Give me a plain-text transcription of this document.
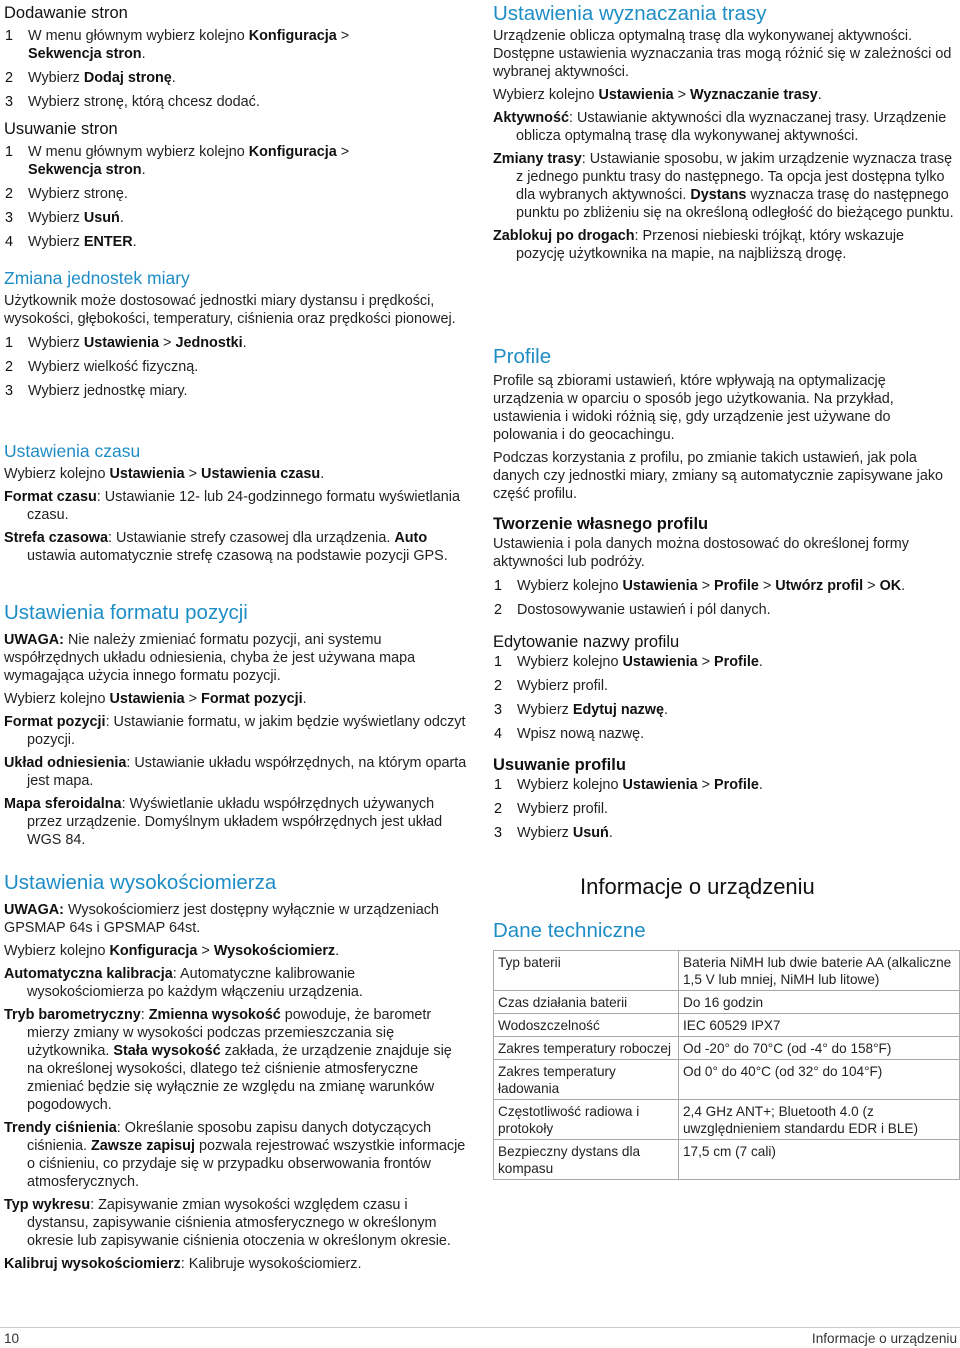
Dodawanie stron

1 W menu głównym wybierz kolejno Konfiguracja >
Sekwencja stron.
2 Wybierz Dodaj stronę.
3 Wybierz stronę, którą chcesz dodać.

Usuwanie stron

1 W menu głównym wybierz kolejno Konfiguracja >
Sekwencja stron.
2 Wybierz stronę.
3 Wybierz Usuń.
4 Wybierz ENTER.

Zmiana jednostek miary

Użytkownik może dostosować jednostki miary dystansu i prędkości, wysokości, głębokości, temperatury, ciśnienia oraz prędkości pionowej.

1 Wybierz Ustawienia > Jednostki.
2 Wybierz wielkość fizyczną.
3 Wybierz jednostkę miary.

Ustawienia czasu

Wybierz kolejno Ustawienia > Ustawienia czasu.

Format czasu: Ustawianie 12- lub 24-godzinnego formatu wyświetlania czasu.

Strefa czasowa: Ustawianie strefy czasowej dla urządzenia. Auto ustawia automatycznie strefę czasową na podstawie pozycji GPS.

Ustawienia formatu pozycji

UWAGA: Nie należy zmieniać formatu pozycji, ani systemu współrzędnych układu odniesienia, chyba że jest używana mapa wymagająca użycia innego formatu pozycji.

Wybierz kolejno Ustawienia > Format pozycji.

Format pozycji: Ustawianie formatu, w jakim będzie wyświetlany odczyt pozycji.

Układ odniesienia: Ustawianie układu współrzędnych, na którym oparta jest mapa.

Mapa sferoidalna: Wyświetlanie układu współrzędnych używanych przez urządzenie. Domyślnym układem współrzędnych jest układ WGS 84.

Ustawienia wysokościomierza

UWAGA: Wysokościomierz jest dostępny wyłącznie w urządzeniach GPSMAP 64s i GPSMAP 64st.

Wybierz kolejno Konfiguracja > Wysokościomierz.

Automatyczna kalibracja: Automatyczne kalibrowanie wysokościomierza po każdym włączeniu urządzenia.

Tryb barometryczny: Zmienna wysokość powoduje, że barometr mierzy zmiany w wysokości podczas przemieszczania się użytkownika. Stała wysokość zakłada, że urządzenie znajduje się na określonej wysokości, dlatego też ciśnienie atmosferyczne zmieniać będzie się wyłącznie ze względu na zmianę warunków pogodowych.

Trendy ciśnienia: Określanie sposobu zapisu danych dotyczących ciśnienia. Zawsze zapisuj pozwala rejestrować wszystkie informacje o ciśnieniu, co przydaje się w przypadku obserwowania frontów atmosferycznych.

Typ wykresu: Zapisywanie zmian wysokości względem czasu i dystansu, zapisywanie ciśnienia atmosferycznego w określonym okresie lub zapisywanie ciśnienia otoczenia w określonym okresie.

Kalibruj wysokościomierz: Kalibruje wysokościomierz.

Ustawienia wyznaczania trasy

Urządzenie oblicza optymalną trasę dla wykonywanej aktywności. Dostępne ustawienia wyznaczania tras mogą różnić się w zależności od wybranej aktywności.

Wybierz kolejno Ustawienia > Wyznaczanie trasy.

Aktywność: Ustawianie aktywności dla wyznaczanej trasy. Urządzenie oblicza optymalną trasę dla wykonywanej aktywności.

Zmiany trasy: Ustawianie sposobu, w jakim urządzenie wyznacza trasę z jednego punktu trasy do następnego. Ta opcja jest dostępna tylko dla wybranych aktywności. Dystans wyznacza trasę do następnego punktu po zbliżeniu się na określoną odległość do bieżącego punktu.

Zablokuj po drogach: Przenosi niebieski trójkąt, który wskazuje pozycję użytkownika na mapie, na najbliższą drogę.

Profile

Profile są zbiorami ustawień, które wpływają na optymalizację urządzenia w oparciu o sposób jego użytkowania. Na przykład, ustawienia i widoki różnią się, gdy urządzenie jest używane do polowania i do geocachingu.

Podczas korzystania z profilu, po zmianie takich ustawień, jak pola danych czy jednostki miary, zmiany są automatycznie zapisywane jako część profilu.

Tworzenie własnego profilu

Ustawienia i pola danych można dostosować do określonej formy aktywności lub podróży.

1 Wybierz kolejno Ustawienia > Profile > Utwórz profil > OK.
2 Dostosowywanie ustawień i pól danych.

Edytowanie nazwy profilu

1 Wybierz kolejno Ustawienia > Profile.
2 Wybierz profil.
3 Wybierz Edytuj nazwę.
4 Wpisz nową nazwę.

Usuwanie profilu

1 Wybierz kolejno Ustawienia > Profile.
2 Wybierz profil.
3 Wybierz Usuń.

Informacje o urządzeniu

Dane techniczne

Typ baterii	Bateria NiMH lub dwie baterie AA (alkaliczne 1,5 V lub mniej, NiMH lub litowe)
Czas działania baterii	Do 16 godzin
Wodoszczelność	IEC 60529 IPX7
Zakres temperatury roboczej	Od -20° do 70°C (od -4° do 158°F)
Zakres temperatury ładowania	Od 0° do 40°C (od 32° do 104°F)
Częstotliwość radiowa i protokoły	2,4 GHz ANT+; Bluetooth 4.0 (z uwzględnieniem standardu EDR i BLE)
Bezpieczny dystans dla kompasu	17,5 cm (7 cali)
10	Informacje o urządzeniu
